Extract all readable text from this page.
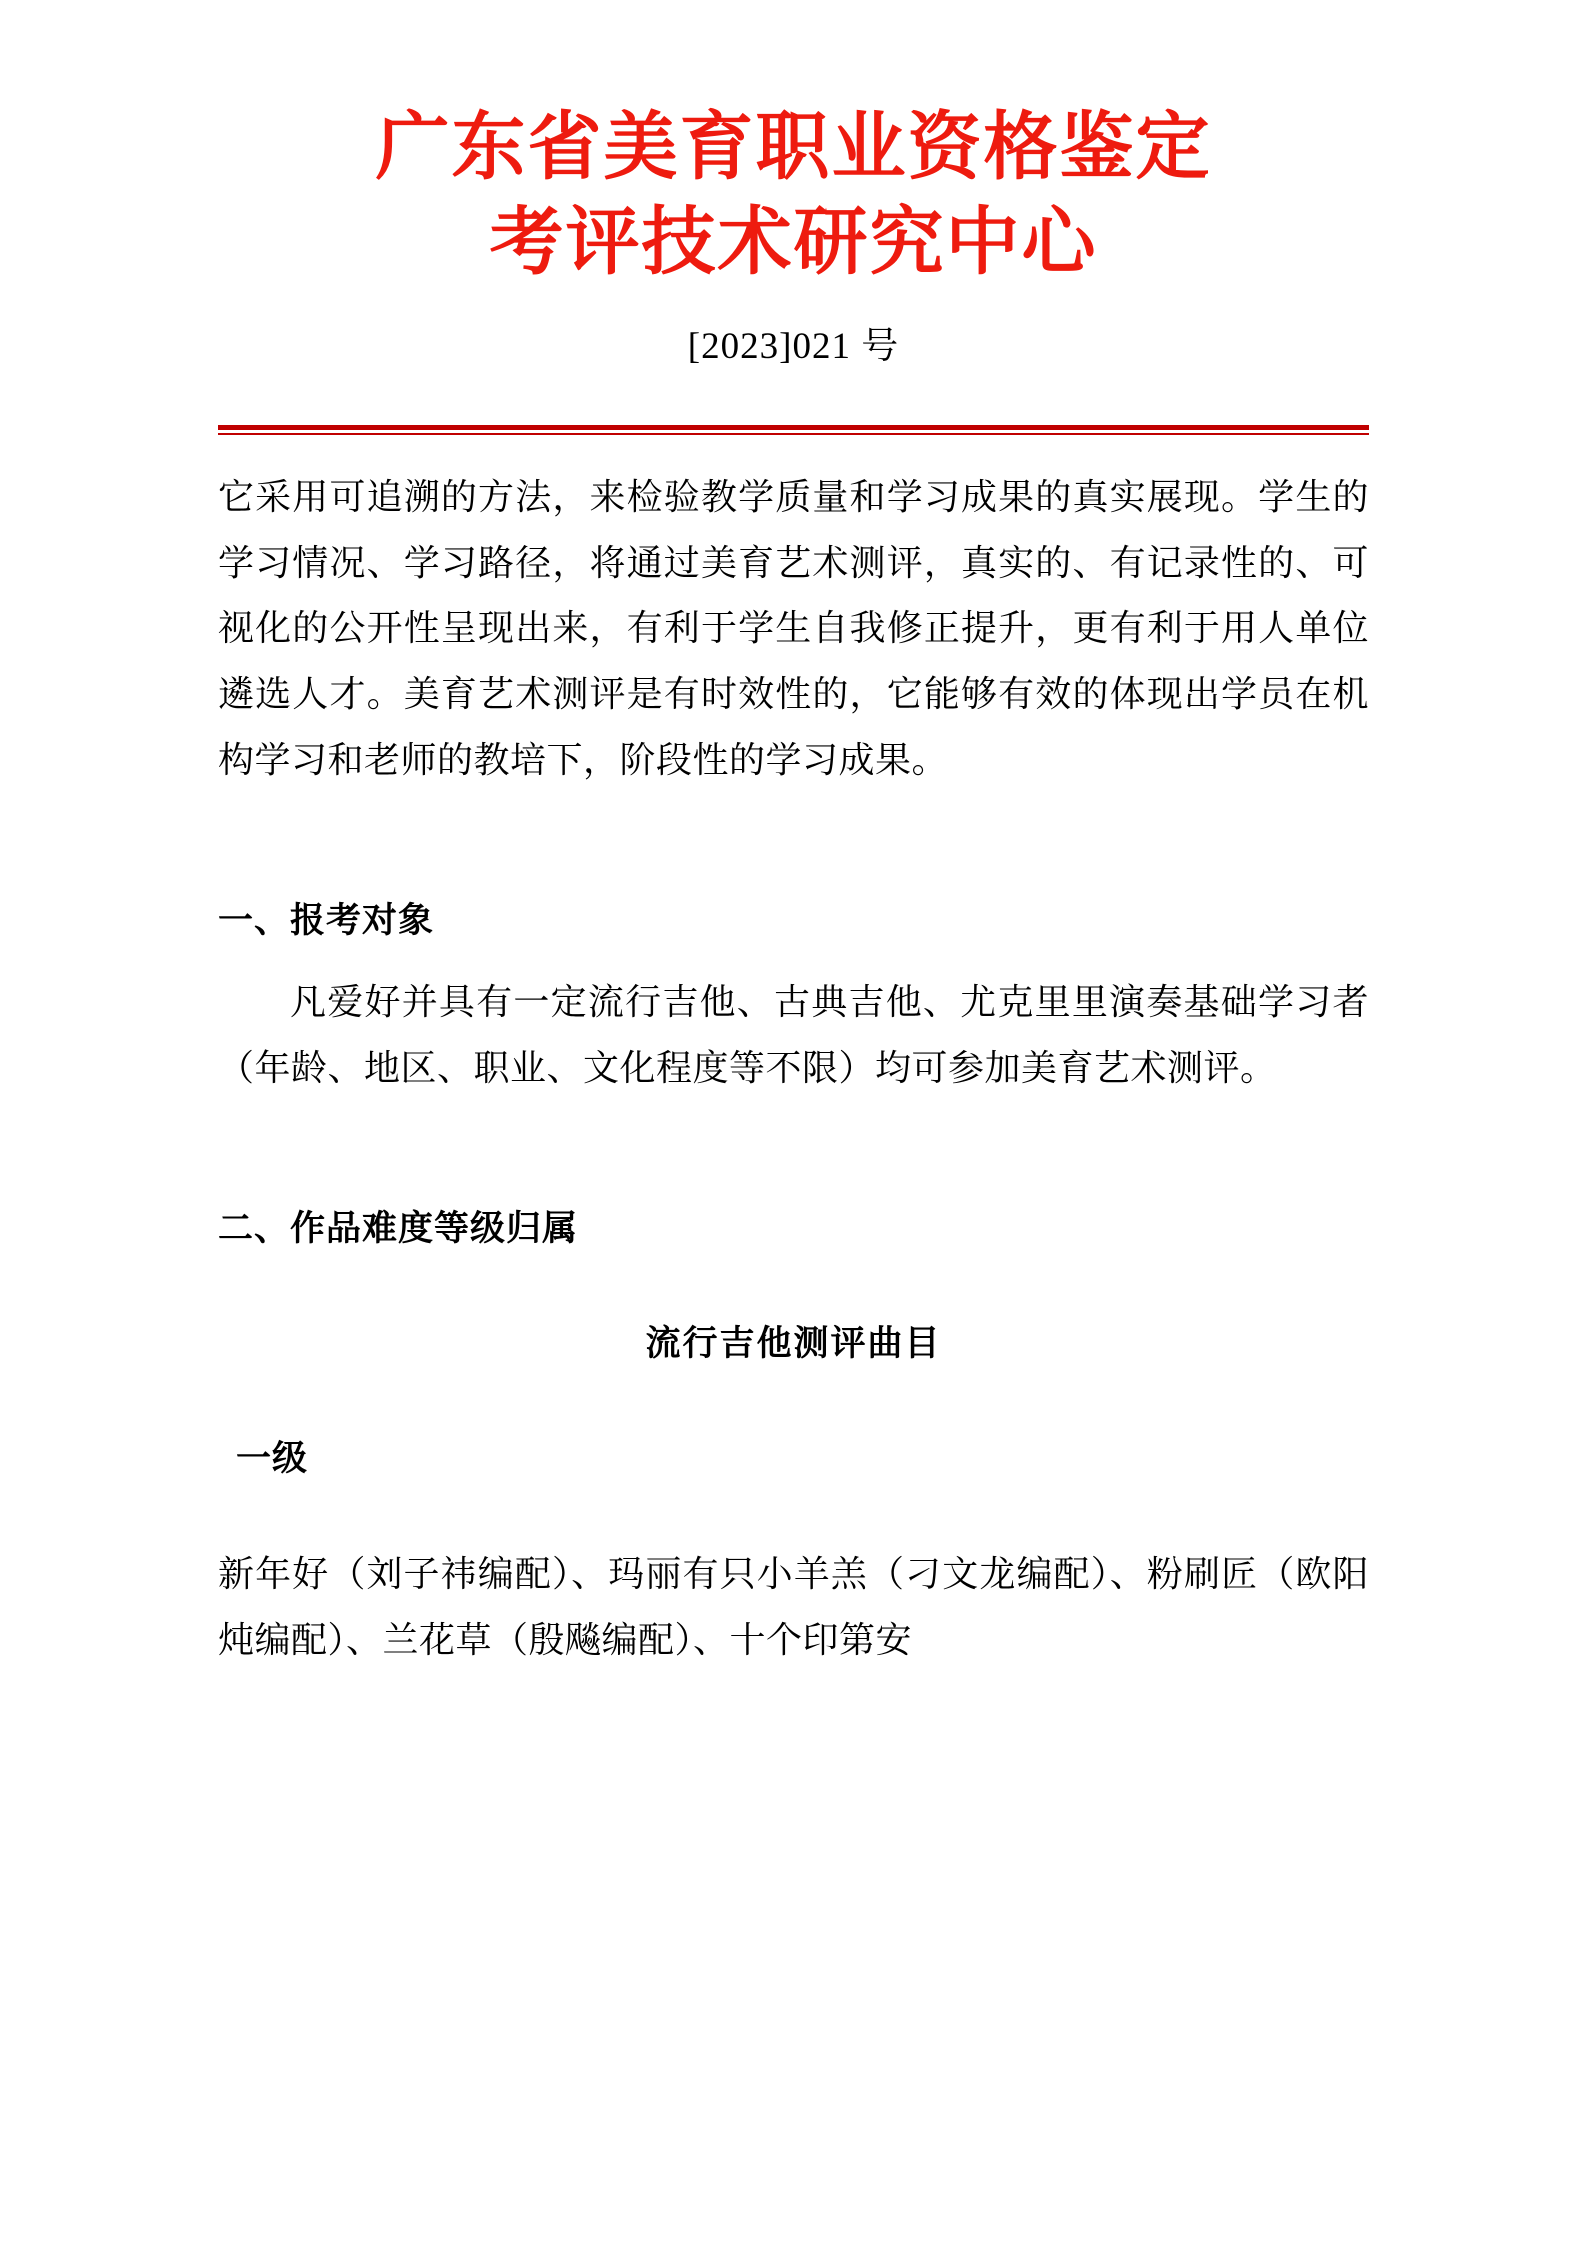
广东省美育职业资格鉴定
考评技术研究中心
[2023]021 号

它采用可追溯的方法，来检验教学质量和学习成果的真实展现。学生的学习情况、学习路径，将通过美育艺术测评，真实的、有记录性的、可视化的公开性呈现出来，有利于学生自我修正提升，更有利于用人单位遴选人才。美育艺术测评是有时效性的，它能够有效的体现出学员在机构学习和老师的教培下，阶段性的学习成果。

一、报考对象

凡爱好并具有一定流行吉他、古典吉他、尤克里里演奏基础学习者（年龄、地区、职业、文化程度等不限）均可参加美育艺术测评。

二、作品难度等级归属
流行吉他测评曲目
一级

新年好（刘子祎编配）、玛丽有只小羊羔（刁文龙编配）、粉刷匠（欧阳炖编配）、兰花草（殷飚编配）、十个印第安
